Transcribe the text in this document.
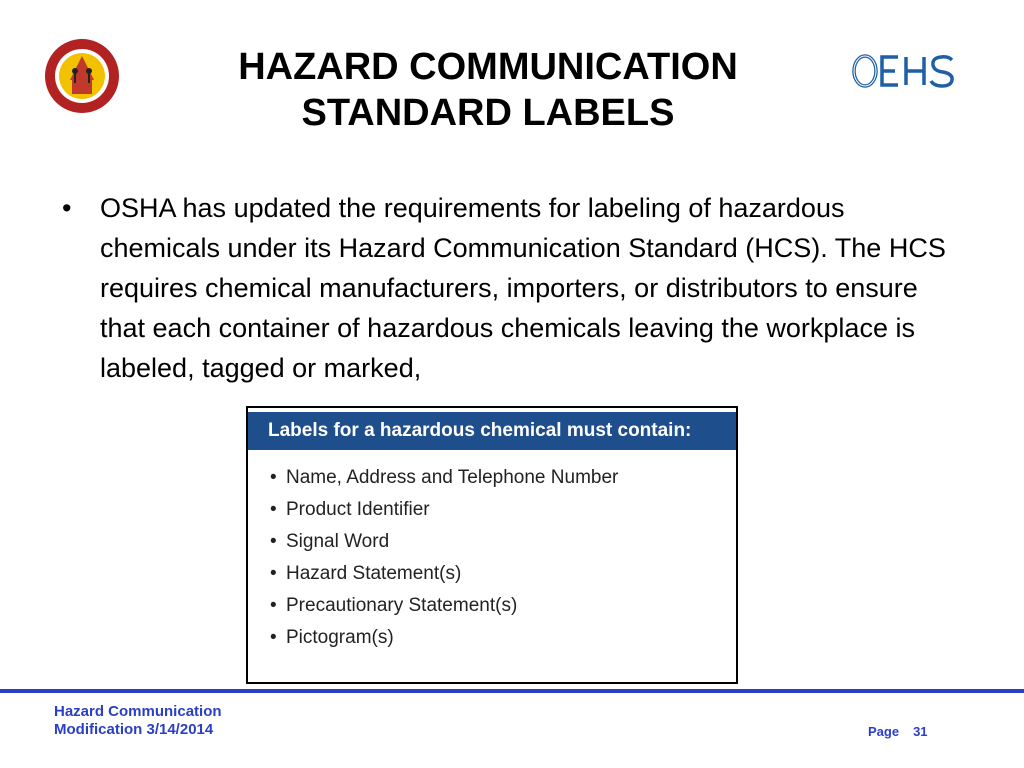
HAZARD COMMUNICATION
STANDARD LABELS
• OSHA has updated the requirements for labeling of hazardous chemicals under its Hazard Communication Standard (HCS). The HCS requires chemical manufacturers, importers, or distributors to ensure that each container of hazardous chemicals leaving the workplace is labeled, tagged or marked,
Labels for a hazardous chemical must contain:
• Name, Address and Telephone Number
• Product Identifier
• Signal Word
• Hazard Statement(s)
• Precautionary Statement(s)
• Pictogram(s)
Hazard Communication
Modification 3/14/2014	Page 31
